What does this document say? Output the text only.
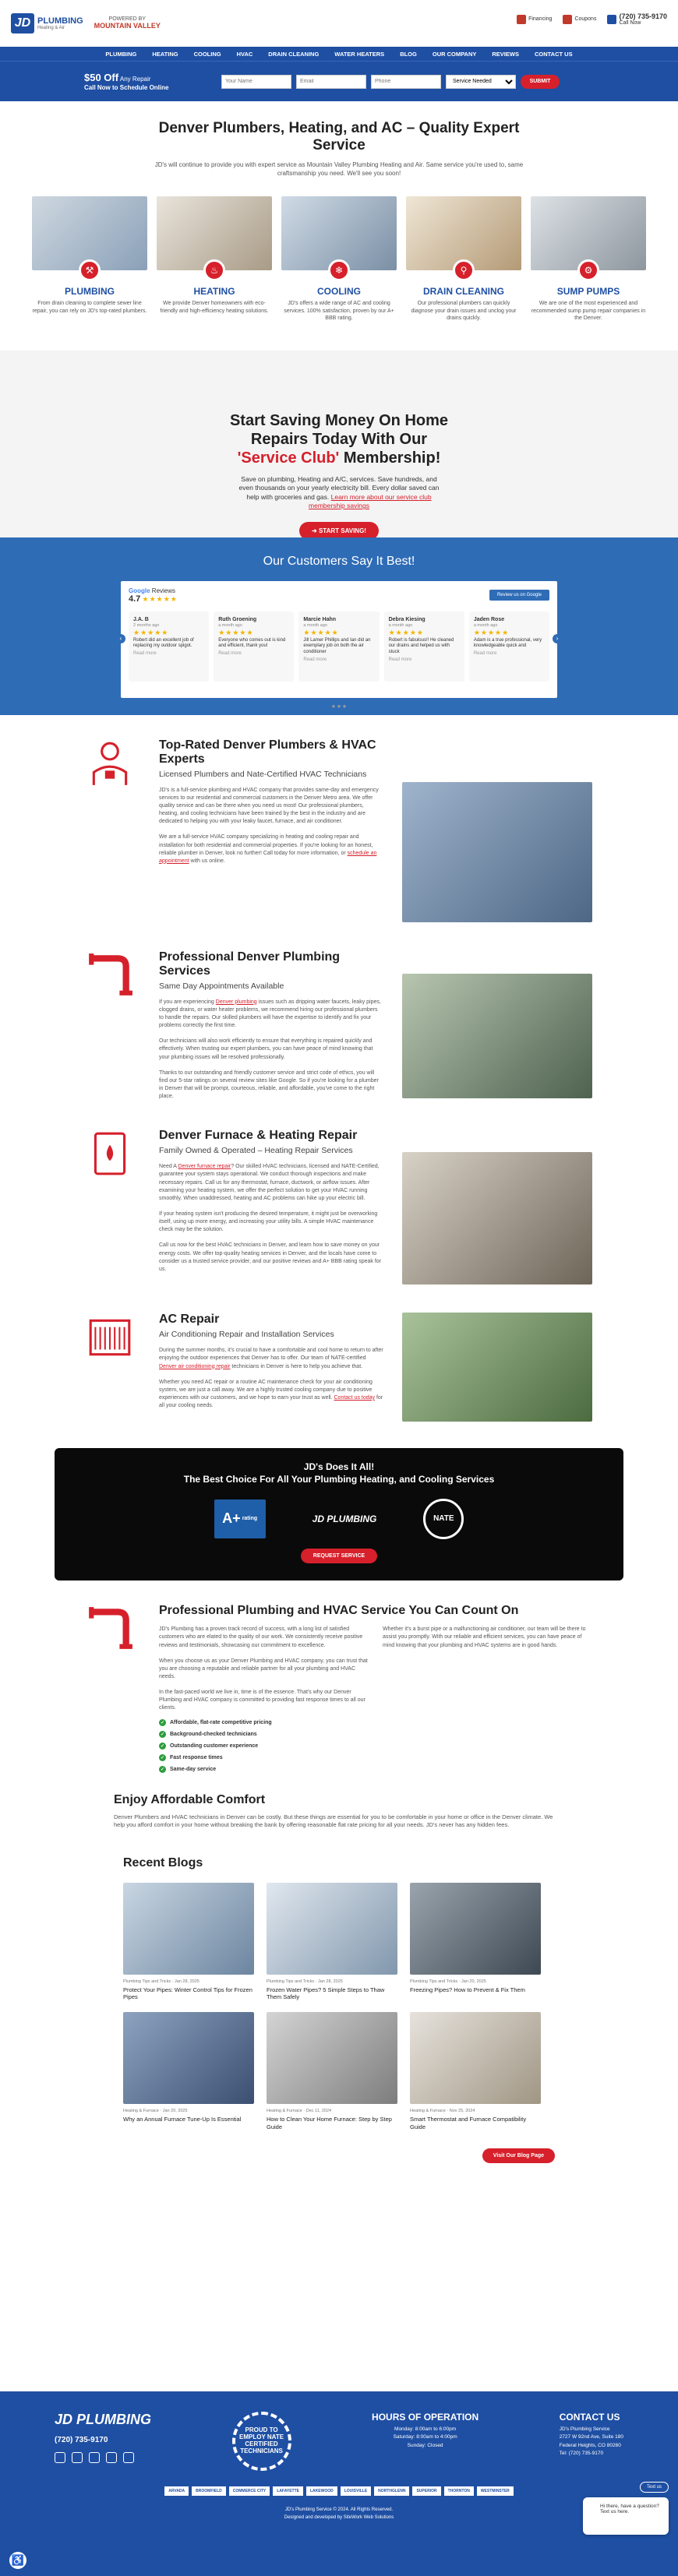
JD PLUMBING
Heating & Air
POWERED BY
MOUNTAIN VALLEY
Financing	Coupons	(720) 735-9170
Call Now
PLUMBING	HEATING	COOLING	HVAC	DRAIN CLEANING	WATER HEATERS	BLOG	OUR COMPANY	REVIEWS	CONTACT US
$50 Off Any Repair
Call Now to Schedule Online
Your Name
Email
Phone
Service Needed
SUBMIT
Denver Plumbers, Heating, and AC – Quality Expert Service

JD's will continue to provide you with expert service as Mountain Valley Plumbing Heating and Air. Same service you're used to, same craftsmanship you need. We'll see you soon!

⚒
PLUMBING

From drain cleaning to complete sewer line repair, you can rely on JD's top-rated plumbers.

♨
HEATING

We provide Denver homeowners with eco-friendly and high-efficiency heating solutions.

❄
COOLING

JD's offers a wide range of AC and cooling services. 100% satisfaction, proven by our A+ BBB rating.

⚲
DRAIN CLEANING

Our professional plumbers can quickly diagnose your drain issues and unclog your drains quickly.

⚙
SUMP PUMPS

We are one of the most experienced and recommended sump pump repair companies in the Denver.

Start Saving Money On Home
Repairs Today With Our
'Service Club' Membership!

Save on plumbing, Heating and A/C, services. Save hundreds, and even thousands on your yearly electricity bill. Every dollar saved can help with groceries and gas. Learn more about our service club membership savings

➜ START SAVING!
Our Customers Say It Best!
Google Reviews
4.7 ★★★★★	Review us on Google
J.A. B
2 months ago
★★★★★
Robert did an excellent job of replacing my outdoor spigot.
Read more
Ruth Groening
a month ago
★★★★★
Everyone who comes out is kind and efficient, thank you!
Read more
Marcie Hahn
a month ago
★★★★★
Jill Lamer Phillips and Ian did an exemplary job on both the air conditioner
Read more
Debra Kiesing
a month ago
★★★★★
Robert is fabulous!! He cleaned our drains and helped us with stuck
Read more
Jaden Rose
a month ago
★★★★★
Adam is a true professional, very knowledgeable quick and
Read more
‹	›
● ● ●
Top-Rated Denver Plumbers & HVAC Experts
Licensed Plumbers and Nate-Certified HVAC Technicians

JD's is a full-service plumbing and HVAC company that provides same-day and emergency services to our residential and commercial customers in the Denver Metro area. We offer quality service and can be there when you need us most! Our professional plumbers, heating, and cooling technicians have been trained by the best in the industry and are dedicated to helping you with your leaky faucet, furnace, and air conditioner.

We are a full-service HVAC company specializing in heating and cooling repair and installation for both residential and commercial properties. If you're looking for an honest, reliable plumber in Denver, look no further! Call today for more information, or schedule an appointment with us online.

Professional Denver Plumbing Services
Same Day Appointments Available

If you are experiencing Denver plumbing issues such as dripping water faucets, leaky pipes, clogged drains, or water heater problems, we recommend hiring our professional plumbers to handle the repairs. Our skilled plumbers will have the expertise to identify and fix your problems correctly the first time.

Our technicians will also work efficiently to ensure that everything is repaired quickly and effectively. When trusting our expert plumbers, you can have peace of mind knowing that your plumbing issues will be resolved professionally.

Thanks to our outstanding and friendly customer service and strict code of ethics, you will find our 5-star ratings on several review sites like Google. So if you're looking for a plumber in Denver that will be prompt, courteous, reliable, and affordable, you've come to the right place.

Denver Furnace & Heating Repair
Family Owned & Operated – Heating Repair Services

Need A Denver furnace repair? Our skilled HVAC technicians, licensed and NATE-Certified, guarantee your system stays operational. We conduct thorough inspections and make necessary repairs. Call us for any thermostat, furnace, ductwork, or airflow issues. After examining your heating system, we offer the perfect solution to get your HVAC running smoothly. When unaddressed, heating and AC problems can hike up your electric bill.

If your heating system isn't producing the desired temperature, it might just be overworking itself, using up more energy, and increasing your utility bills. A simple HVAC maintenance check may be the solution.

Call us now for the best HVAC technicians in Denver, and learn how to save money on your energy costs. We offer top-quality heating services in Denver, and the locals have come to consider us a trusted service provider, and our positive reviews and A+ BBB rating speak for us.

AC Repair
Air Conditioning Repair and Installation Services

During the summer months, it's crucial to have a comfortable and cool home to return to after enjoying the outdoor experiences that Denver has to offer. Our team of NATE-certified Denver air conditioning repair technicians in Denver is here to help you achieve that.

Whether you need AC repair or a routine AC maintenance check for your air conditioning system, we are just a call away. We are a highly trusted cooling company due to positive experiences with our customers, and we hope to earn your trust as well. Contact us today for all your cooling needs.

JD's Does It All!
The Best Choice For All Your Plumbing Heating, and Cooling Services
A+ rating	JD PLUMBING	NATE
REQUEST SERVICE
Professional Plumbing and HVAC Service You Can Count On

JD's Plumbing has a proven track record of success, with a long list of satisfied customers who are elated to the quality of our work. We consistently receive positive reviews and testimonials, showcasing our commitment to excellence.

When you choose us as your Denver Plumbing and HVAC company, you can trust that you are choosing a reputable and reliable partner for all your plumbing and HVAC needs.

In the fast-paced world we live in, time is of the essence. That's why our Denver Plumbing and HVAC company is committed to providing fast response times to all our clients.

✓ Affordable, flat-rate competitive pricing
✓ Background-checked technicians
✓ Outstanding customer experience
✓ Fast response times
✓ Same-day service

Whether it's a burst pipe or a malfunctioning air conditioner, our team will be there to assist you promptly. With our reliable and efficient services, you can have peace of mind knowing that your plumbing and HVAC systems are in good hands.

Enjoy Affordable Comfort

Denver Plumbers and HVAC technicians in Denver can be costly. But these things are essential for you to be comfortable in your home or office in the Denver climate. We help you afford comfort in your home without breaking the bank by offering reasonable flat rate pricing for all your needs. JD's never has any hidden fees.

Recent Blogs
Plumbing Tips and Tricks · Jan 28, 2025
Protect Your Pipes: Winter Control Tips for Frozen Pipes
Plumbing Tips and Tricks · Jan 28, 2025
Frozen Water Pipes? 5 Simple Steps to Thaw Them Safely
Plumbing Tips and Tricks · Jan 20, 2025
Freezing Pipes? How to Prevent & Fix Them
Heating & Furnace · Jan 20, 2025
Why an Annual Furnace Tune-Up Is Essential
Heating & Furnace · Dec 11, 2024
How to Clean Your Home Furnace: Step by Step Guide
Heating & Furnace · Nov 25, 2024
Smart Thermostat and Furnace Compatibility Guide
Visit Our Blog Page
JD PLUMBING
(720) 735-9170
PROUD TO EMPLOY NATE CERTIFIED TECHNICIANS
HOURS OF OPERATION

Monday: 8:00am to 6:00pm
Saturday: 8:00am to 4:00pm
Sunday: Closed

CONTACT US

JD's Plumbing Service
2727 W 92nd Ave, Suite 180
Federal Heights, CO 80260
Tel: (720) 735-9170

ARVADA	BROOMFIELD	COMMERCE CITY	LAFAYETTE	LAKEWOOD	LOUISVILLE	NORTHGLENN	SUPERIOR	THORNTON	WESTMINSTER
JD's Plumbing Service © 2024. All Rights Reserved.
Designed and developed by SiteWork Web Solutions
Text us
Hi there, have a question? Text us here.
♿
